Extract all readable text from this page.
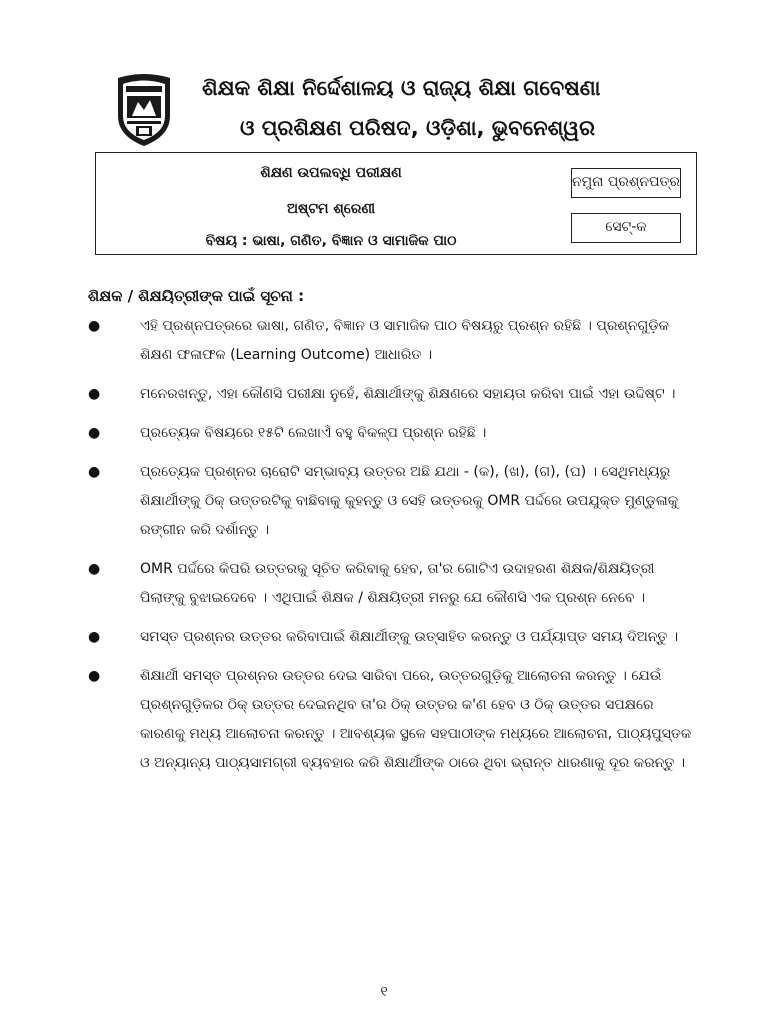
ଶିକ୍ଷକ ଶିକ୍ଷା ନିର୍ଦ୍ଦେଶାଳୟ ଓ ରାଜ୍ୟ ଶିକ୍ଷା ଗବେଷଣା
ଓ ପ୍ରଶିକ୍ଷଣ ପରିଷଦ, ଓଡ଼ିଶା, ଭୁବନେଶ୍ୱର
ଶିକ୍ଷଣ ଉପଲବ୍ଧି ପରୀକ୍ଷଣ
ଅଷ୍ଟମ ଶ୍ରେଣୀ
ବିଷୟ : ଭାଷା, ଗଣିତ, ବିଜ୍ଞାନ ଓ ସାମାଜିକ ପାଠ
ନମୁନା ପ୍ରଶ୍ନପତ୍ର
ସେଟ୍-କ
ଶିକ୍ଷକ / ଶିକ୍ଷୟିତ୍ରୀଙ୍କ ପାଇଁ ସୂଚନା :
●	ଏହି ପ୍ରଶ୍ନପତ୍ରରେ ଭାଷା, ଗଣିତ, ବିଜ୍ଞାନ ଓ ସାମାଜିକ ପାଠ ବିଷୟରୁ ପ୍ରଶ୍ନ ରହିଛି । ପ୍ରଶ୍ନଗୁଡ଼ିକ ଶିକ୍ଷଣ ଫଳାଫଳ (Learning Outcome) ଆଧାରିତ ।
●	ମନେରଖନ୍ତୁ, ଏହା କୌଣସି ପରୀକ୍ଷା ନୁହେଁ, ଶିକ୍ଷାର୍ଥୀଙ୍କୁ ଶିକ୍ଷଣରେ ସହାୟତା କରିବା ପାଇଁ ଏହା ଉଦ୍ଦିଷ୍ଟ ।
●	ପ୍ରତ୍ୟେକ ବିଷୟରେ ୧୫ଟି ଲେଖାଏଁ ବହୁ ବିକଳ୍ପ ପ୍ରଶ୍ନ ରହିଛି ।
●	ପ୍ରତ୍ୟେକ ପ୍ରଶ୍ନର ଚାରୋଟି ସମ୍ଭାବ୍ୟ ଉତ୍ତର ଅଛି ଯଥା - (କ), (ଖ), (ଗ), (ଘ) । ସେଥିମଧ୍ୟରୁ ଶିକ୍ଷାର୍ଥୀଙ୍କୁ ଠିକ୍ ଉତ୍ତରଟିକୁ ବାଛିବାକୁ କୁହନ୍ତୁ ଓ ସେହି ଉତ୍ତରକୁ OMR ପର୍ଦ୍ଦରେ ଉପଯୁକ୍ତ ମୁଣ୍ଡୁଳାକୁ ରଙ୍ଗୀନ କରି ଦର୍ଶାନ୍ତୁ ।
●	OMR ପର୍ଦ୍ଦରେ କିପରି ଉତ୍ତରକୁ ସୂଚିତ କରିବାକୁ ହେବ, ତା'ର ଗୋଟିଏ ଉଦାହରଣ ଶିକ୍ଷକ/ଶିକ୍ଷୟିତ୍ରୀ ପିଲାଙ୍କୁ ବୁଝାଇଦେବେ । ଏଥିପାଇଁ ଶିକ୍ଷକ / ଶିକ୍ଷୟିତ୍ରୀ ମନରୁ ଯେ କୌଣସି ଏକ ପ୍ରଶ୍ନ ନେବେ ।
●	ସମସ୍ତ ପ୍ରଶ୍ନର ଉତ୍ତର କରିବାପାଇଁ ଶିକ୍ଷାର୍ଥୀଙ୍କୁ ଉତ୍ସାହିତ କରନ୍ତୁ ଓ ପର୍ଯ୍ୟାପ୍ତ ସମୟ ଦିଅନ୍ତୁ ।
●	ଶିକ୍ଷାର୍ଥୀ ସମସ୍ତ ପ୍ରଶ୍ନର ଉତ୍ତର ଦେଇ ସାରିବା ପରେ, ଉତ୍ତରଗୁଡ଼ିକୁ ଆଲୋଚନା କରନ୍ତୁ । ଯେଉଁ ପ୍ରଶ୍ନଗୁଡ଼ିକର ଠିକ୍ ଉତ୍ତର ଦେଇନଥିବ ତା'ର ଠିକ୍ ଉତ୍ତର କ'ଣ ହେବ ଓ ଠିକ୍ ଉତ୍ତର ସପକ୍ଷରେ କାରଣକୁ ମଧ୍ୟ ଆଲୋଚନା କରନ୍ତୁ । ଆବଶ୍ୟକ ସ୍ଥଳେ ସହପାଠୀଙ୍କ ମଧ୍ୟରେ ଆଲୋଚନା, ପାଠ୍ୟପୁସ୍ତକ ଓ ଅନ୍ୟାନ୍ୟ ପାଠ୍ୟସାମଗ୍ରୀ ବ୍ୟବହାର କରି ଶିକ୍ଷାର୍ଥୀଙ୍କ ଠାରେ ଥିବା ଭ୍ରାନ୍ତ ଧାରଣାକୁ ଦୂର କରନ୍ତୁ ।
୧
